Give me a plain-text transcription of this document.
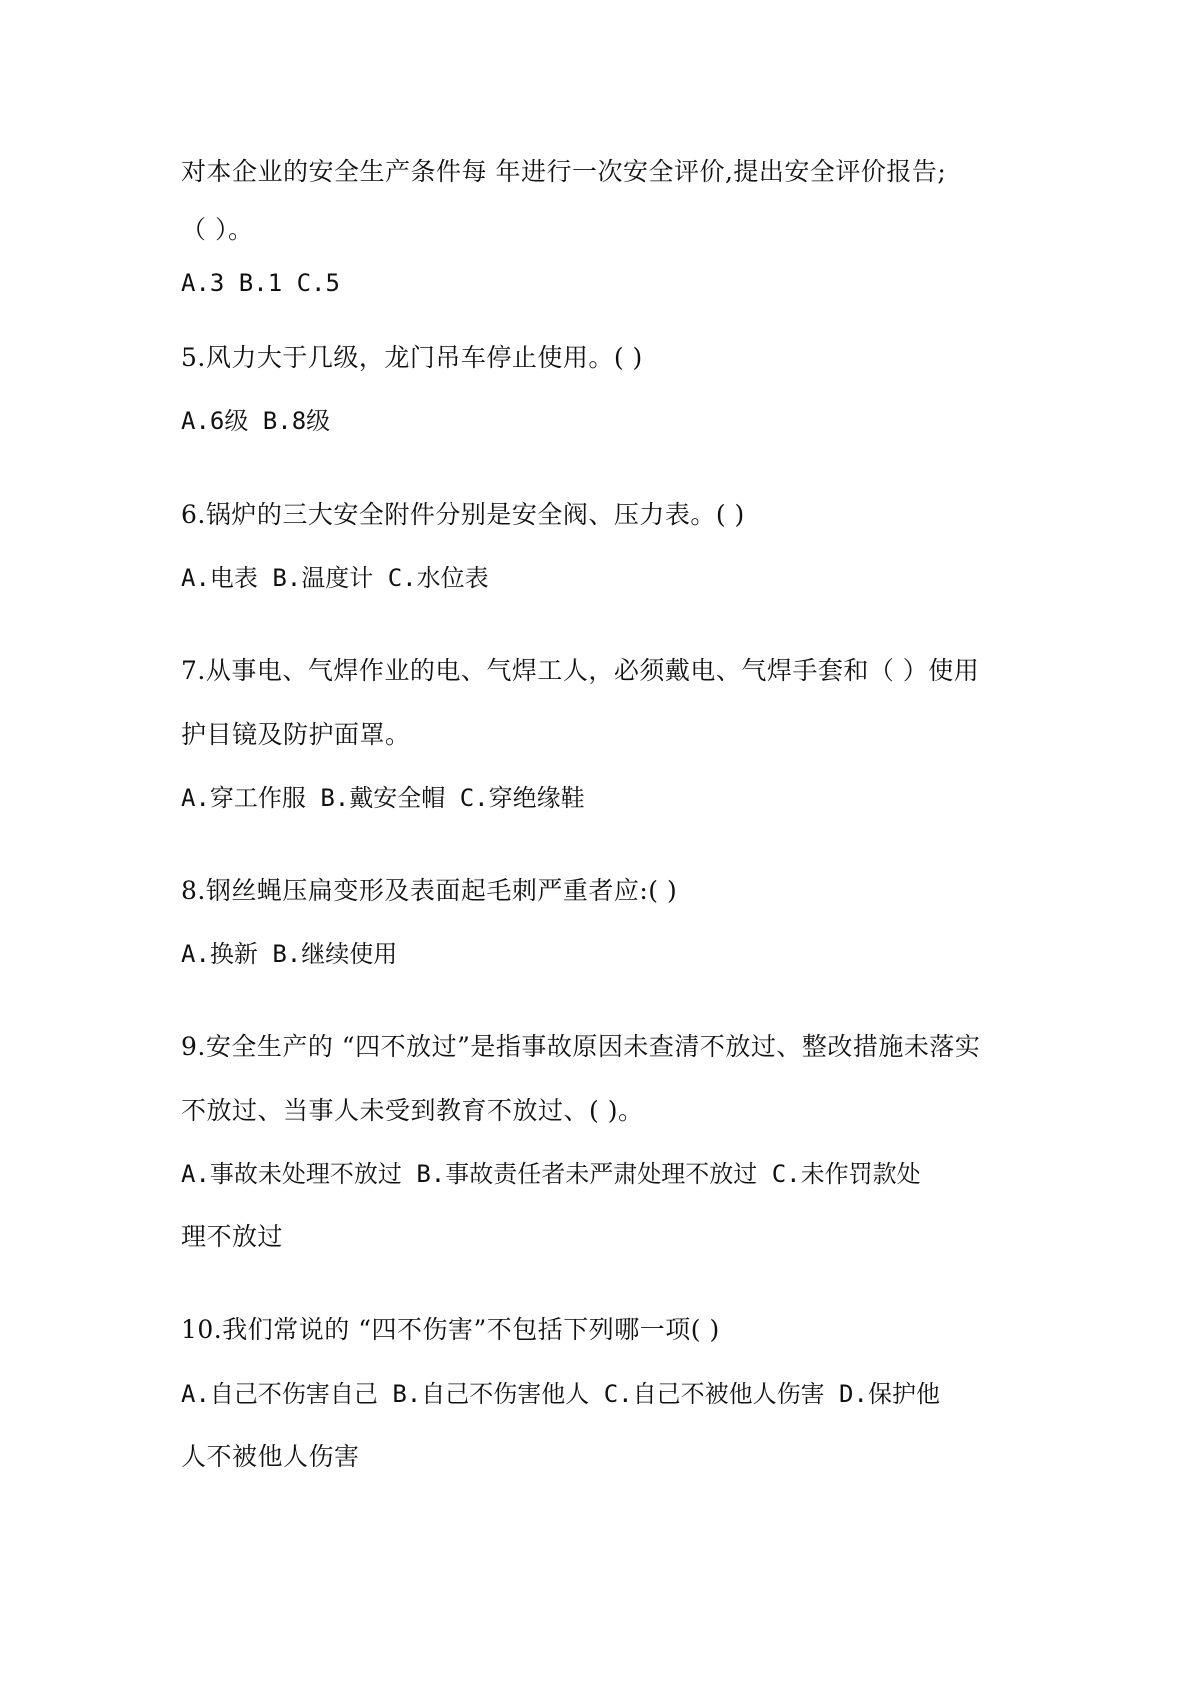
对本企业的安全生产条件每 年进行一次安全评价,提出安全评价报告;
（ ）。
A.3 B.1 C.5
5.风力大于几级，龙门吊车停止使用。( )
A.6级 B.8级
6.锅炉的三大安全附件分别是安全阀、压力表。( )
A.电表 B.温度计 C.水位表
7.从事电、气焊作业的电、气焊工人，必须戴电、气焊手套和（ ）使用
护目镜及防护面罩。
A.穿工作服 B.戴安全帽 C.穿绝缘鞋
8.钢丝蝇压扁变形及表面起毛刺严重者应:( )
A.换新 B.继续使用
9.安全生产的 “四不放过”是指事故原因未查清不放过、整改措施未落实
不放过、当事人未受到教育不放过、( )。
A.事故未处理不放过 B.事故责任者未严肃处理不放过 C.未作罚款处
理不放过
10.我们常说的 “四不伤害”不包括下列哪一项( )
A.自己不伤害自己 B.自己不伤害他人 C.自己不被他人伤害 D.保护他
人不被他人伤害
